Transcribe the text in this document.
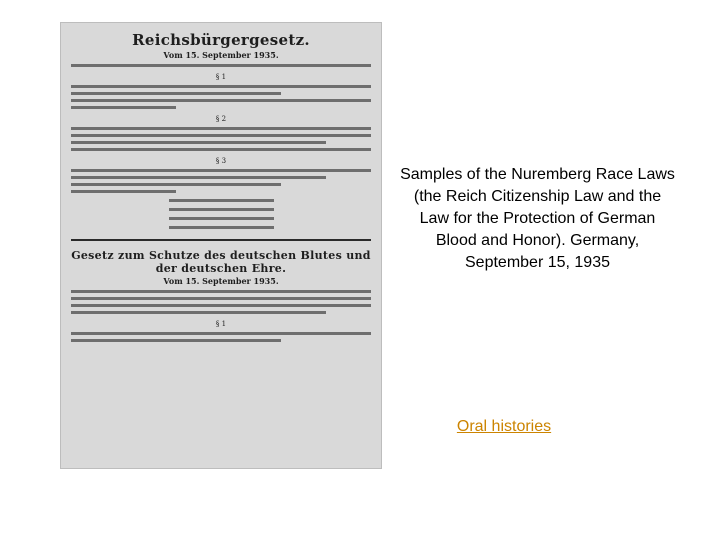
Reichsbürgergesetz.
Vom 15. September 1935.
§ 1
§ 2
§ 3
Gesetz zum Schutze des deutschen Blutes und der deutschen Ehre.
Vom 15. September 1935.
§ 1
Samples of the Nuremberg Race Laws (the Reich Citizenship Law and the Law for the Protection of German Blood and Honor). Germany, September 15, 1935
Oral histories
